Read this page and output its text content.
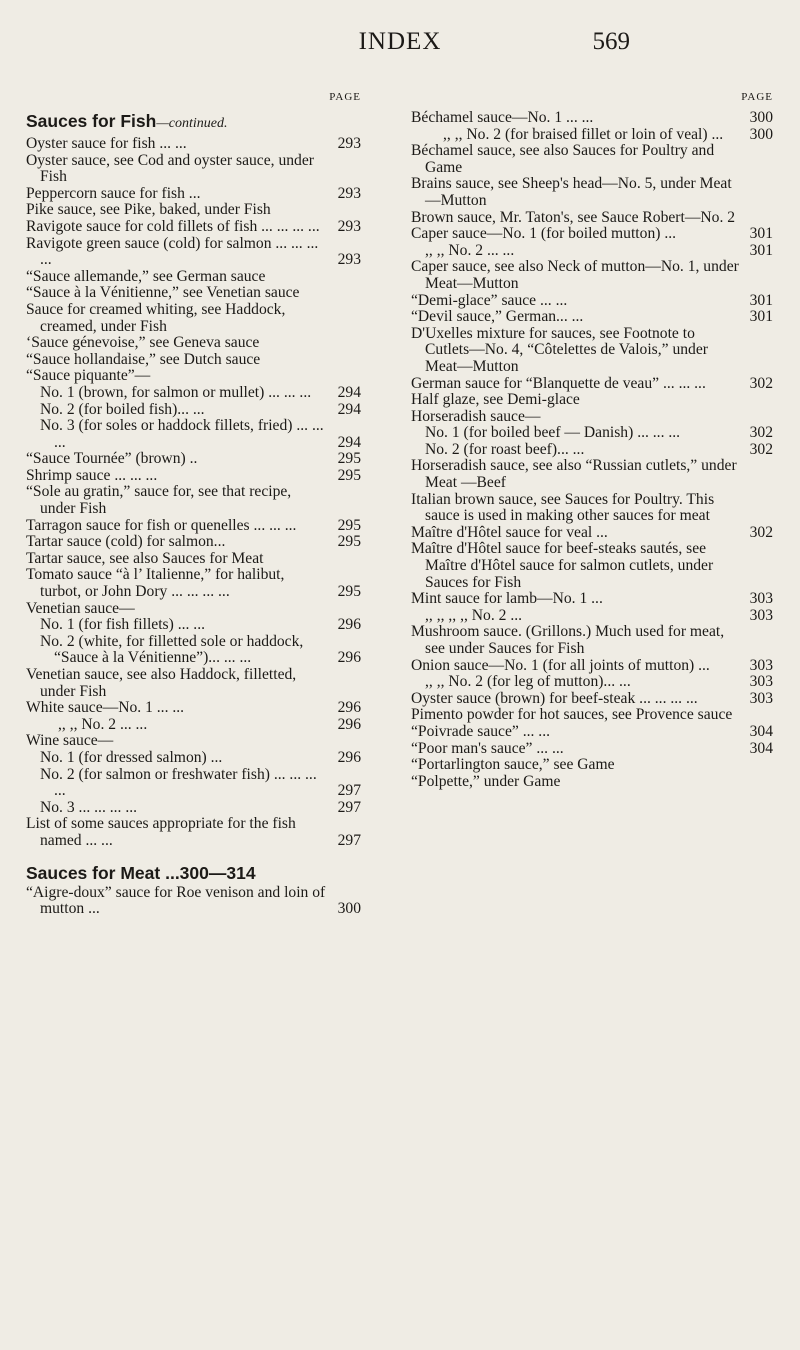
INDEX	569
PAGE
Sauces for Fish—continued.
Oyster sauce for fish ... ...	293
Oyster sauce, see Cod and oyster sauce, under Fish
Peppercorn sauce for fish ...	293
Pike sauce, see Pike, baked, under Fish
Ravigote sauce for cold fillets of fish ... ... ... ...	293
Ravigote green sauce (cold) for salmon ... ... ... ...	293
“Sauce allemande,” see German sauce
“Sauce à la Vénitienne,” see Venetian sauce
Sauce for creamed whiting, see Haddock, creamed, under Fish
‘Sauce génevoise,” see Geneva sauce
“Sauce hollandaise,” see Dutch sauce
“Sauce piquante”—
No. 1 (brown, for salmon or mullet) ... ... ...	294
No. 2 (for boiled fish)... ...	294
No. 3 (for soles or haddock fillets, fried) ... ... ...	294
“Sauce Tournée” (brown) ..	295
Shrimp sauce ... ... ...	295
“Sole au gratin,” sauce for, see that recipe, under Fish
Tarragon sauce for fish or quenelles ... ... ...	295
Tartar sauce (cold) for salmon...	295
Tartar sauce, see also Sauces for Meat
Tomato sauce “à l’ Italienne,” for halibut, turbot, or John Dory ... ... ... ...	295
Venetian sauce—
No. 1 (for fish fillets) ... ...	296
No. 2 (white, for filletted sole or haddock, “Sauce à la Vénitienne”)... ... ...	296
Venetian sauce, see also Haddock, filletted, under Fish
White sauce—No. 1 ... ...	296
,, ,, No. 2 ... ...	296
Wine sauce—
No. 1 (for dressed salmon) ...	296
No. 2 (for salmon or freshwater fish) ... ... ... ...	297
No. 3 ... ... ... ...	297
List of some sauces appropriate for the fish named ... ...	297
Sauces for Meat ...300—314
“Aigre-doux” sauce for Roe venison and loin of mutton ...	300
PAGE
Béchamel sauce—No. 1 ... ...	300
,, ,, No. 2 (for braised fillet or loin of veal) ...	300
Béchamel sauce, see also Sauces for Poultry and Game
Brains sauce, see Sheep's head—No. 5, under Meat—Mutton
Brown sauce, Mr. Taton's, see Sauce Robert—No. 2
Caper sauce—No. 1 (for boiled mutton) ...	301
,, ,, No. 2 ... ...	301
Caper sauce, see also Neck of mutton—No. 1, under Meat—Mutton
“Demi-glace” sauce ... ...	301
“Devil sauce,” German... ...	301
D'Uxelles mixture for sauces, see Footnote to Cutlets—No. 4, “Côtelettes de Valois,” under Meat—Mutton
German sauce for “Blanquette de veau” ... ... ...	302
Half glaze, see Demi-glace
Horseradish sauce—
No. 1 (for boiled beef — Danish) ... ... ...	302
No. 2 (for roast beef)... ...	302
Horseradish sauce, see also “Russian cutlets,” under Meat —Beef
Italian brown sauce, see Sauces for Poultry. This sauce is used in making other sauces for meat
Maître d'Hôtel sauce for veal ...	302
Maître d'Hôtel sauce for beef-steaks sautés, see Maître d'Hôtel sauce for salmon cutlets, under Sauces for Fish
Mint sauce for lamb—No. 1 ...	303
,, ,, ,, ,, No. 2 ...	303
Mushroom sauce. (Grillons.) Much used for meat, see under Sauces for Fish
Onion sauce—No. 1 (for all joints of mutton) ...	303
,, ,, No. 2 (for leg of mutton)... ...	303
Oyster sauce (brown) for beef-steak ... ... ... ...	303
Pimento powder for hot sauces, see Provence sauce
“Poivrade sauce” ... ...	304
“Poor man's sauce” ... ...	304
“Portarlington sauce,” see Game
“Polpette,” under Game
